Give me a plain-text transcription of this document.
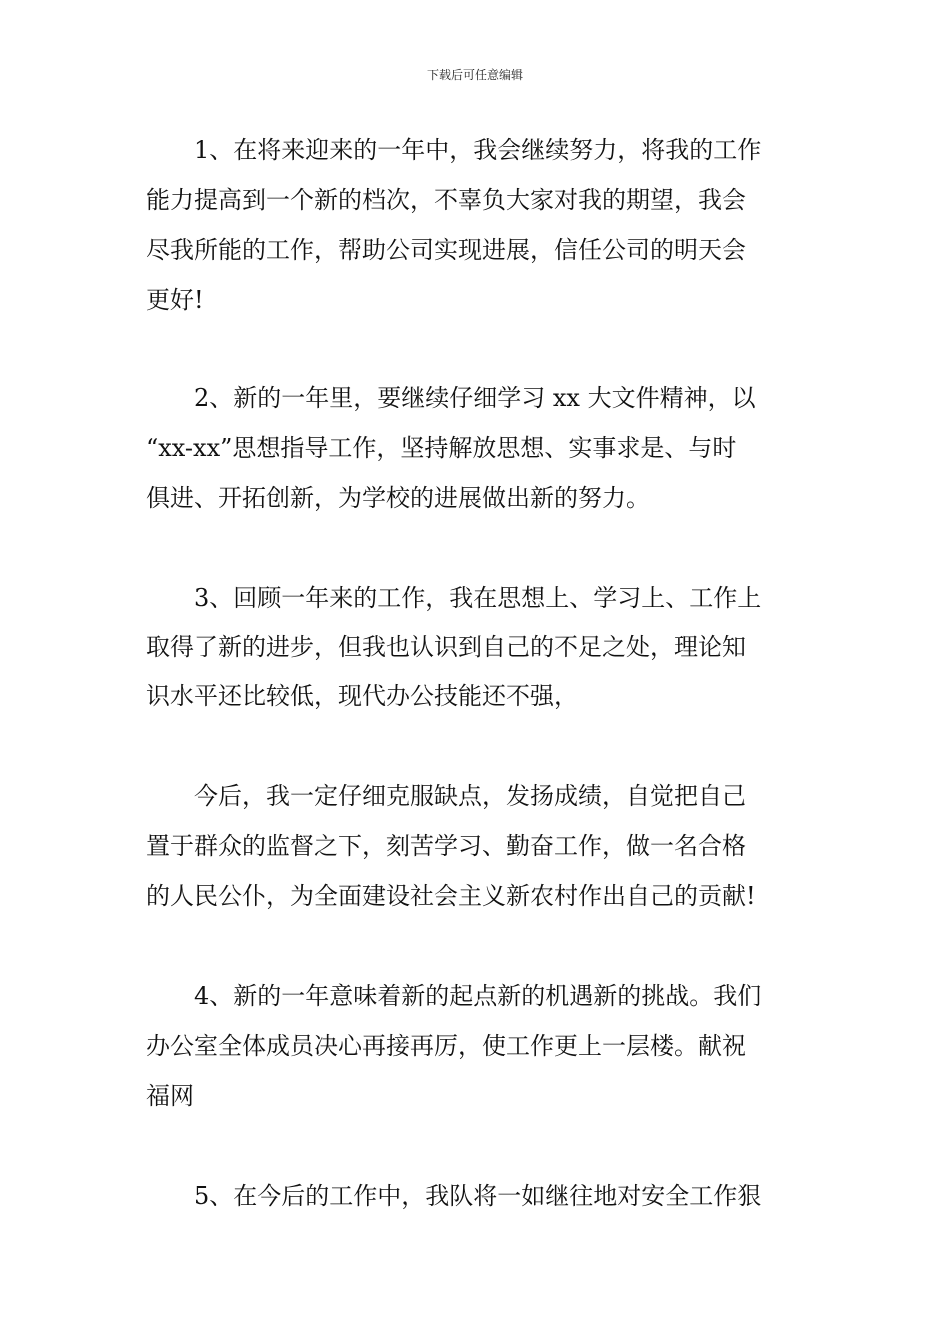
下载后可任意编辑
1、在将来迎来的一年中，我会继续努力，将我的工作
能力提高到一个新的档次，不辜负大家对我的期望，我会
尽我所能的工作，帮助公司实现进展，信任公司的明天会
更好!
2、新的一年里，要继续仔细学习 xx 大文件精神，以
“xx-xx”思想指导工作，坚持解放思想、实事求是、与时
俱进、开拓创新，为学校的进展做出新的努力。
3、回顾一年来的工作，我在思想上、学习上、工作上
取得了新的进步，但我也认识到自己的不足之处，理论知
识水平还比较低，现代办公技能还不强，
今后，我一定仔细克服缺点，发扬成绩，自觉把自己
置于群众的监督之下，刻苦学习、勤奋工作，做一名合格
的人民公仆，为全面建设社会主义新农村作出自己的贡献!
4、新的一年意味着新的起点新的机遇新的挑战。我们
办公室全体成员决心再接再厉，使工作更上一层楼。献祝
福网
5、在今后的工作中，我队将一如继往地对安全工作狠
